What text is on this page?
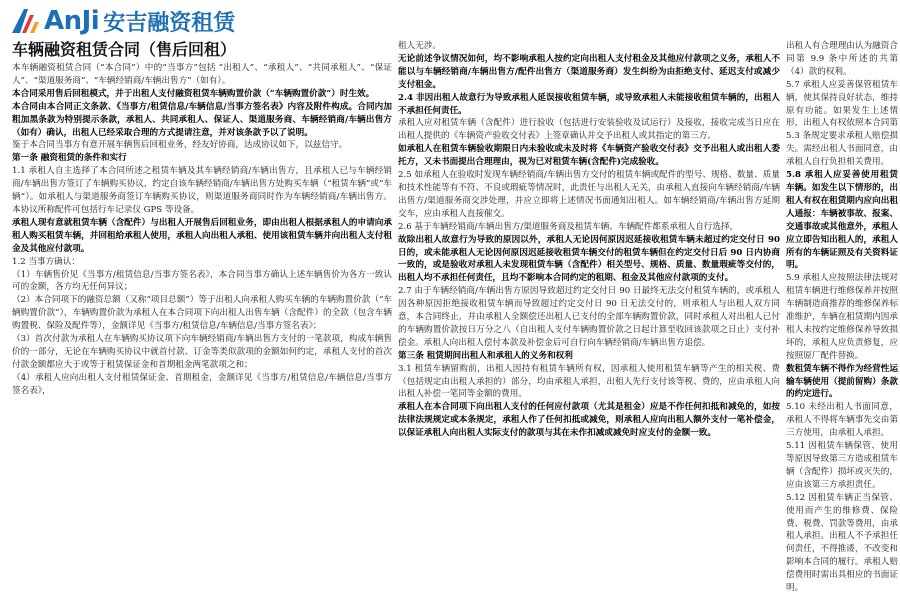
AnJi 安吉融资租赁
车辆融资租赁合同（售后回租）

本车辆融资租赁合同（“本合同”）中的“当事方”包括 “出租人”、“承租人”、“共同承租人”、“保证人”、“渠道服务商”、“车辆经销商/车辆出售方”（如有）。

本合同采用售后回租模式，并于出租人支付融资租赁车辆购置价款（“车辆购置价款”）时生效。

本合同由本合同正文条款、《当事方/租赁信息/车辆信息/当事方签名表》内容及附件构成。合同内加粗加黑条款为特别提示条款，承租人、共同承租人、保证人、渠道服务商、车辆经销商/车辆出售方（如有）确认，出租人已经采取合理的方式提请注意，并对该条款予以了说明。

鉴于本合同当事方有意开展车辆售后回租业务，经友好协商，达成协议如下，以兹信守。

第一条 融资租赁的条件和实行

1.1 承租人自主选择了本合同所述之租赁车辆及其车辆经销商/车辆出售方，且承租人已与车辆经销商/车辆出售方签订了车辆购买协议，约定自该车辆经销商/车辆出售方处购买车辆（“租赁车辆”或“车辆”）。如承租人与渠道服务商签订车辆购买协议，则渠道服务商同时作为车辆经销商/车辆出售方。本协议所称配件可包括行车记录仪 GPS 等设备。

承租人现有意就租赁车辆（含配件）与出租人开展售后回租业务，即由出租人根据承租人的申请向承租人购买租赁车辆，并回租给承租人使用，承租人向出租人承租、使用该租赁车辆并向出租人支付租金及其他应付款项。

1.2 当事方确认：

（1）车辆售价见《当事方/租赁信息/当事方签名表》，本合同当事方确认上述车辆售价为各方一致认可的金额，各方均无任何异议；

（2）本合同项下的融资总额（又称“项目总额”）等于出租人向承租人购买车辆的车辆购置价款（“车辆购置价款”），车辆购置价款为承租人在本合同项下向出租人出售车辆（含配件）的全款（包含车辆购置税、保险及配件等），金额详见《当事方/租赁信息/车辆信息/当事方签名表》；

（3）首次付款为承租人在车辆购买协议项下向车辆经销商/车辆出售方支付的一笔款项，构成车辆售价的一部分，无论在车辆购买协议中就首付款、订金等类似款项的金额如何约定，承租人支付的首次付款金额都应大于或等于租赁保证金和首期租金两笔款项之和；

（4）承租人应向出租人支付租赁保证金、首期租金，金额详见《当事方/租赁信息/车辆信息/当事方签名表》，

租人无涉。

无论前述争议情况如何，均不影响承租人按约定向出租人支付租金及其他应付款项之义务，承租人不能以与车辆经销商/车辆出售方/配件出售方（渠道服务商）发生纠纷为由拒绝支付、延迟支付或减少支付租金。

2.4 非因出租人故意行为导致承租人延误接收租赁车辆，或导致承租人未能接收租赁车辆的，出租人不承担任何责任。

承租人应对租赁车辆（含配件）进行验收（包括进行安装验收及试运行）及接收，接收完成当日应在出租人提供的《车辆资产验收交付表》上签章确认并交予出租人或其指定的第三方。

如承租人在租赁车辆验收期限日内未验收或未及时将《车辆资产验收交付表》交予出租人或出租人委托方，又未书面提出合理理由，视为已对租赁车辆(含配件)完成验收。

2.5 如承租人在验收时发现车辆经销商/车辆出售方交付的租赁车辆或配件的型号、规格、数量、质量和技术性能等有不符、不良或瑕疵等情况时，此责任与出租人无关，由承租人直接向车辆经销商/车辆出售方/渠道服务商交涉处理，并应立即将上述情况书面通知出租人。如车辆经销商/车辆出售方延期交车，应由承租人直接催交。

2.6 基于车辆经销商/车辆出售方/渠道服务商及租赁车辆、车辆配件都系承租人自行选择，

故除出租人故意行为导致的原因以外，承租人无论因何原因迟延接收租赁车辆未超过约定交付日 90 日的，或未能承租人无论因何原因迟延接收租赁车辆交付的租赁车辆但在约定交付日后 90 日内协商一致的，或是验收对承租人未发现租赁车辆（含配件）相关型号、规格、质量、数量瑕疵等交付的，出租人均不承担任何责任，且均不影响本合同约定的租期、租金及其他应付款项的支付。

2.7 由于车辆经销商/车辆出售方原因导致超过约定交付日 90 日最终无法交付租赁车辆的，或承租人因各种原因拒绝接收租赁车辆而导致超过约定交付日 90 日无法交付的，则承租人与出租人双方同意，本合同终止，并由承租人全额偿还出租人已支付的全部车辆购置价款，同时承租人对出租人已付的车辆购置价款按日万分之八（自出租人支付车辆购置价款之日起计算至收回该款项之日止）支付补偿金。承租人向出租人偿付本款及补偿金后可自行向车辆经销商/车辆出售方追偿。

第三条 租赁期间出租人和承租人的义务和权利

3.1 租赁车辆留购前，出租人因持有租赁车辆所有权，因承租人使用租赁车辆等产生的相关税、费（包括规定由出租人承担的）部分，均由承租人承担，出租人先行支付该等税、费的，应由承租人向出租人补偿一笔同等金额的费用。

承租人在本合同项下向出租人支付的任何应付款项（尤其是租金）应是不作任何扣抵和减免的，如按法律法规规定或本条规定，承租人作了任何扣抵或减免，则承租人应向出租人额外支付一笔补偿金，以保证承租人向出租人实际支付的款项与其在未作扣减或减免时应支付的金额一致。

出租人有合理理由认为融资合同第 9.9 条中所述的共第（4）款的权利。

5.7 承租人应妥善保管租赁车辆，使其保持良好状态，维持原有功能。如果发生上述情形，出租人有权依照本合同第 5.3 条规定要求承租人赔偿损失。需经出租人书面同意，由承租人自行负担相关费用。

5.8 承租人应妥善使用租赁车辆。如发生以下情形的，出租人有权在租赁期内应向出租人通报：车辆被事故、报案、交通事故或其他意外，承租人应立即告知出租人的，承租人所有的车辆证照及有关资料证明。

5.9 承租人应按照法律法规对租赁车辆进行维修保养并按照车辆制造商推荐的维修保养标准维护，车辆在租赁期内因承租人未按约定维修保养导致损坏的，承租人应负责修复，应按照原厂配件替换。

数租赁车辆不得作为经营性运输车辆使用（提前留购）条款的约定进行。

5.10 未经出租人书面同意，承租人不得将车辆事先交由第三方使用，由承租人承担。

5.11 因租赁车辆保管、使用等原因导致第三方造成租赁车辆（含配件）损坏或灭失的，应由该第三方承担责任。

5.12 因租赁车辆正当保管、使用而产生的维修费、保险费、税费、罚款等费用，由承租人承担。出租人不予承担任何责任，不得推诿，不改变和影响本合同的履行。承租人赔偿费用时需出具相应的书面证明。
